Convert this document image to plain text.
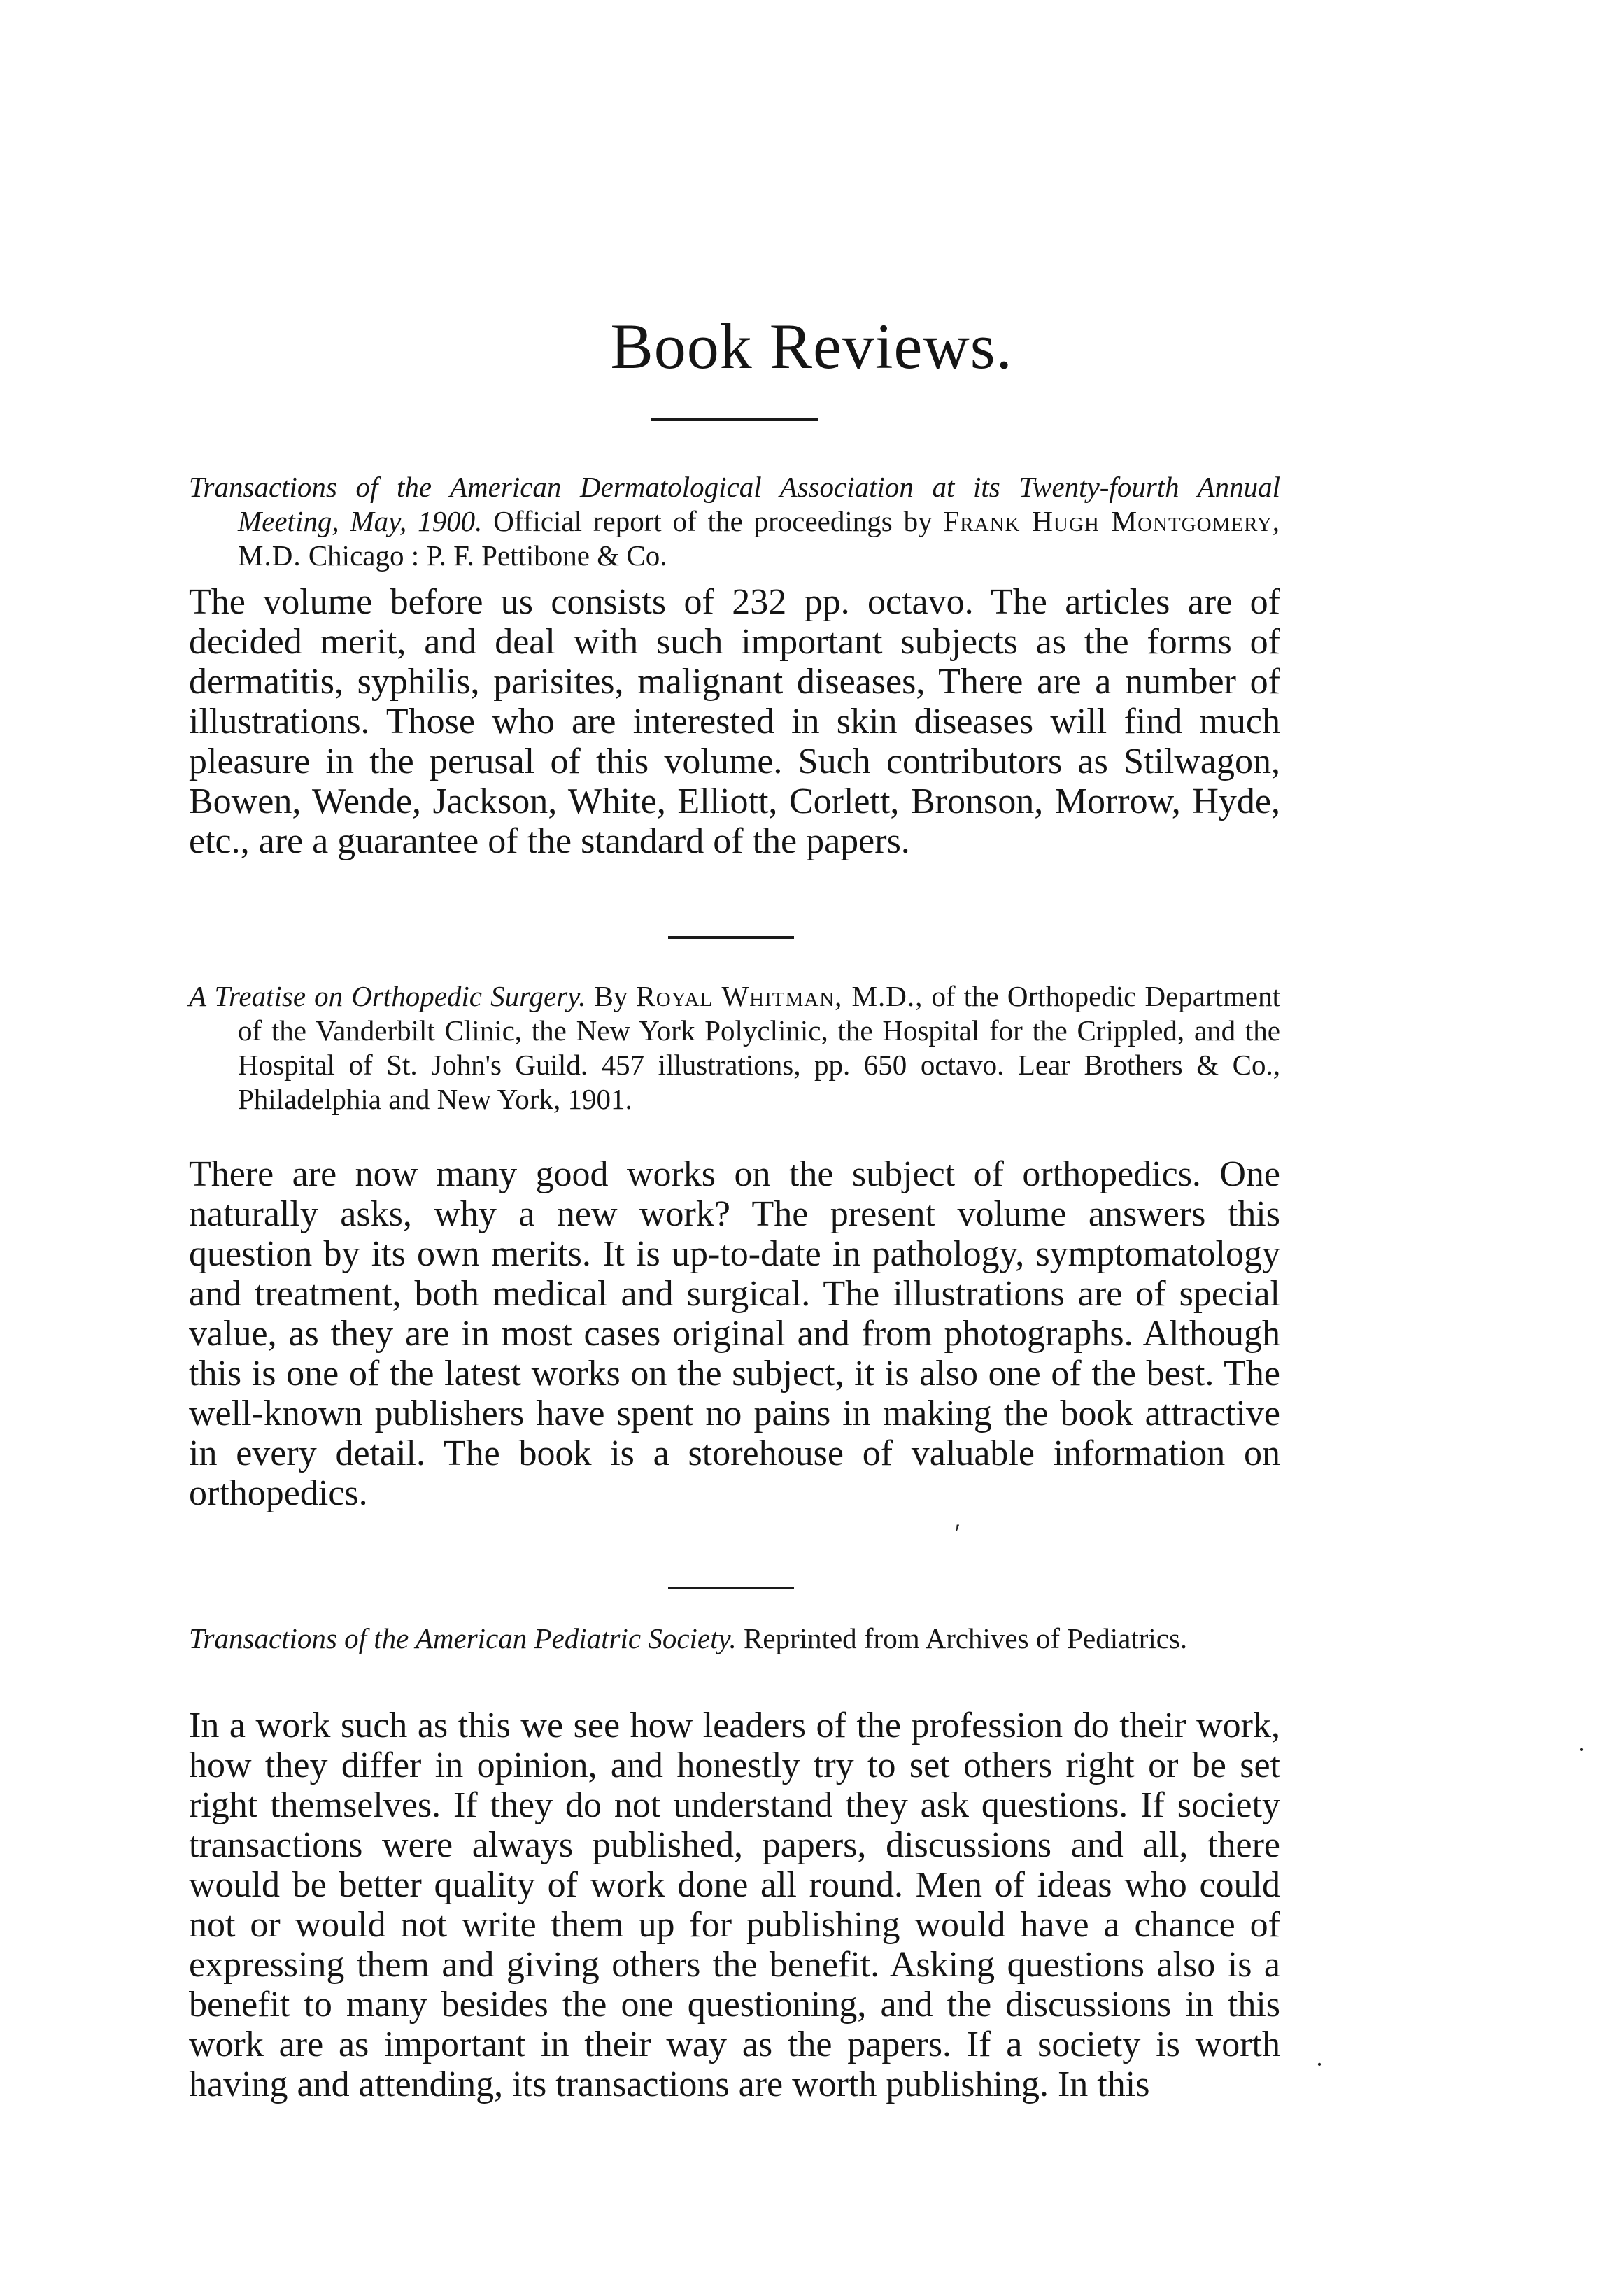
Book Reviews.

Transactions of the American Dermatological Association at its Twenty-fourth Annual Meeting, May, 1900. Official report of the proceedings by Frank Hugh Montgomery, M.D. Chicago : P. F. Pettibone & Co.

The volume before us consists of 232 pp. octavo. The articles are of decided merit, and deal with such important subjects as the forms of dermatitis, syphilis, parisites, malignant diseases, There are a number of illustrations. Those who are interested in skin diseases will find much pleasure in the perusal of this volume. Such contributors as Stilwagon, Bowen, Wende, Jackson, White, Elliott, Corlett, Bronson, Morrow, Hyde, etc., are a guarantee of the standard of the papers.

A Treatise on Orthopedic Surgery. By Royal Whitman, M.D., of the Orthopedic Department of the Vanderbilt Clinic, the New York Polyclinic, the Hospital for the Crippled, and the Hospital of St. John's Guild. 457 illustrations, pp. 650 octavo. Lear Brothers & Co., Philadelphia and New York, 1901.

There are now many good works on the subject of orthopedics. One naturally asks, why a new work? The present volume answers this question by its own merits. It is up-to-date in pathology, symptomatology and treatment, both medical and surgical. The illustrations are of special value, as they are in most cases original and from photographs. Although this is one of the latest works on the subject, it is also one of the best. The well-known publishers have spent no pains in making the book attractive in every detail. The book is a storehouse of valuable information on orthopedics.

Transactions of the American Pediatric Society. Reprinted from Archives of Pediatrics.

In a work such as this we see how leaders of the profession do their work, how they differ in opinion, and honestly try to set others right or be set right themselves. If they do not understand they ask questions. If society transactions were always published, papers, discussions and all, there would be better quality of work done all round. Men of ideas who could not or would not write them up for publishing would have a chance of expressing them and giving others the benefit. Asking questions also is a benefit to many besides the one questioning, and the discussions in this work are as important in their way as the papers. If a society is worth having and attending, its transactions are worth publishing. In this

ʹ
·
·
